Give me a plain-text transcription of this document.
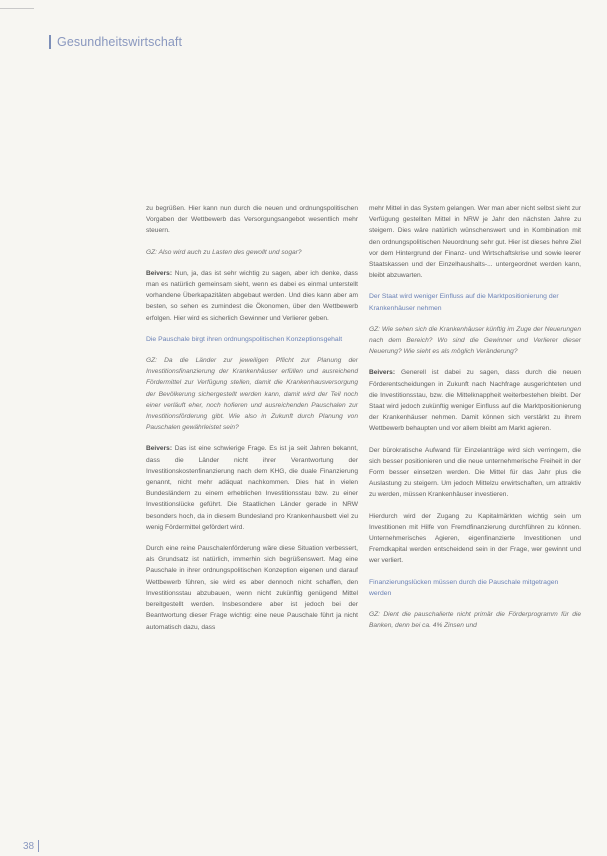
Gesundheitswirtschaft

zu begrüßen. Hier kann nun durch die neuen und ordnungspolitischen Vorgaben der Wettbewerb das Versorgungsangebot wesentlich mehr steuern.

GZ: Also wird auch zu Lasten des gewollt und sogar?

Beivers: Nun, ja, das ist sehr wichtig zu sagen, aber ich denke, dass man es natürlich gemeinsam sieht, wenn es dabei es einmal unterstellt vorhandene Überkapazitäten abgebaut werden. Und dies kann aber am besten, so sehen es zumindest die Ökonomen, über den Wettbewerb erfolgen. Hier wird es sicherlich Gewinner und Verlierer geben.

Die Pauschale birgt ihren ordnungspolitischen Konzeptionsgehalt

GZ: Da die Länder zur jeweiligen Pflicht zur Planung der Investitionsfinanzierung der Krankenhäuser erfüllen und ausreichend Fördermittel zur Verfügung stellen, damit die Krankenhausversorgung der Bevölkerung sichergestellt werden kann, damit wird der Teil noch einer verläuft eher, noch hofieren und ausreichenden Pauschalen zur Investitionsförderung gibt. Wie also in Zukunft durch Planung von Pauschalen gewährleistet sein?

Beivers: Das ist eine schwierige Frage. Es ist ja seit Jahren bekannt, dass die Länder nicht ihrer Verantwortung der Investitionskostenfinanzierung nach dem KHG, die duale Finanzierung genannt, nicht mehr adäquat nachkommen. Dies hat in vielen Bundesländern zu einem erheblichen Investitionsstau bzw. zu einer Investitionslücke geführt. Die Staatlichen Länder gerade in NRW besonders hoch, da in diesem Bundesland pro Krankenhausbett viel zu wenig Fördermittel gefördert wird.

Durch eine reine Pauschalenförderung wäre diese Situation verbessert, als Grundsatz ist natürlich, immerhin sich begrüßenswert. Mag eine Pauschale in ihrer ordnungspolitischen Konzeption eigenen und darauf Wettbewerb führen, sie wird es aber dennoch nicht schaffen, den Investitionsstau abzubauen, wenn nicht zukünftig genügend Mittel bereitgestellt werden. Insbesondere aber ist jedoch bei der Beantwortung dieser Frage wichtig: eine neue Pauschale führt ja nicht automatisch dazu, dass

mehr Mittel in das System gelangen. Wer man aber nicht selbst sieht zur Verfügung gestellten Mittel in NRW je Jahr den nächsten Jahre zu steigern. Dies wäre natürlich wünschenswert und in Kombination mit den ordnungspolitischen Neuordnung sehr gut. Hier ist dieses hehre Ziel vor dem Hintergrund der Finanz- und Wirtschaftskrise und sowie leerer Staatskassen und der Einzelhaushalts-... untergeordnet werden kann, bleibt abzuwarten.

Der Staat wird weniger Einfluss auf die Marktpositionierung der Krankenhäuser nehmen

GZ: Wie sehen sich die Krankenhäuser künftig im Zuge der Neuerungen nach dem Bereich? Wo sind die Gewinner und Verlierer dieser Neuerung? Wie sieht es als möglich Veränderung?

Beivers: Generell ist dabei zu sagen, dass durch die neuen Förderentscheidungen in Zukunft nach Nachfrage ausgerichteten und die Investitionsstau, bzw. die Mittelknappheit weiterbestehen bleibt. Der Staat wird jedoch zukünftig weniger Einfluss auf die Marktpositionierung der Krankenhäuser nehmen. Damit können sich verstärkt zu ihrem Wettbewerb behaupten und vor allem bleibt am Markt agieren.

Der bürokratische Aufwand für Einzelanträge wird sich verringern, die sich besser positionieren und die neue unternehmerische Freiheit in der Form besser einsetzen werden. Die Mittel für das Jahr plus die Auslastung zu steigern. Um jedoch Mittelzu erwirtschaften, um attraktiv zu werden, müssen Krankenhäuser investieren.

Hierdurch wird der Zugang zu Kapitalmärkten wichtig sein um Investitionen mit Hilfe von Fremdfinanzierung durchführen zu können. Unternehmerisches Agieren, eigenfinanzierte Investitionen und Fremdkapital werden entscheidend sein in der Frage, wer gewinnt und wer verliert.

Finanzierungslücken müssen durch die Pauschale mitgetragen werden

GZ: Dient die pauschalierte nicht primär die Förderprogramm für die Banken, denn bei ca. 4% Zinsen und

38
